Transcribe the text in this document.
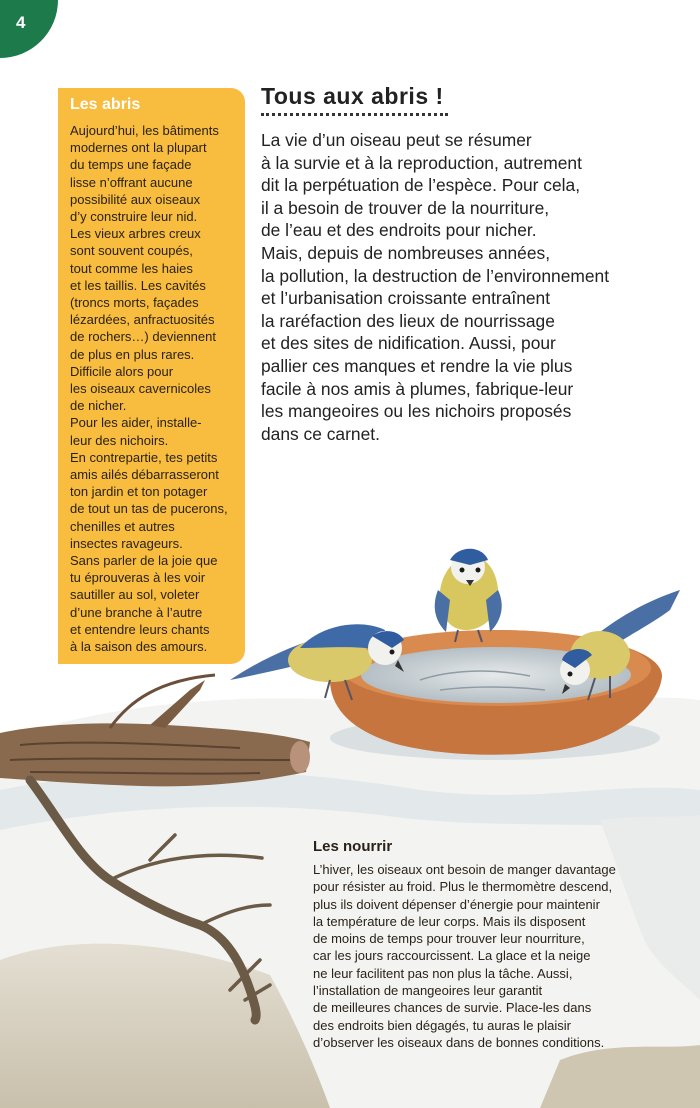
4
Les abris
Aujourd’hui, les bâtiments
modernes ont la plupart
du temps une façade
lisse n’offrant aucune
possibilité aux oiseaux
d’y construire leur nid.
Les vieux arbres creux
sont souvent coupés,
tout comme les haies
et les taillis. Les cavités
(troncs morts, façades
lézardées, anfractuosités
de rochers…) deviennent
de plus en plus rares.
Difficile alors pour
les oiseaux cavernicoles
de nicher.
Pour les aider, installe-
leur des nichoirs.
En contrepartie, tes petits
amis ailés débarrasseront
ton jardin et ton potager
de tout un tas de pucerons,
chenilles et autres
insectes ravageurs.
Sans parler de la joie que
tu éprouveras à les voir
sautiller au sol, voleter
d’une branche à l’autre
et entendre leurs chants
à la saison des amours.
Tous aux abris !
La vie d’un oiseau peut se résumer
à la survie et à la reproduction, autrement
dit la perpétuation de l’espèce. Pour cela,
il a besoin de trouver de la nourriture,
de l’eau et des endroits pour nicher.
Mais, depuis de nombreuses années,
la pollution, la destruction de l’environnement
et l’urbanisation croissante entraînent
la raréfaction des lieux de nourrissage
et des sites de nidification. Aussi, pour
pallier ces manques et rendre la vie plus
facile à nos amis à plumes, fabrique-leur
les mangeoires ou les nichoirs proposés
dans ce carnet.
Les nourrir
L’hiver, les oiseaux ont besoin de manger davantage
pour résister au froid. Plus le thermomètre descend,
plus ils doivent dépenser d’énergie pour maintenir
la température de leur corps. Mais ils disposent
de moins de temps pour trouver leur nourriture,
car les jours raccourcissent. La glace et la neige
ne leur facilitent pas non plus la tâche. Aussi,
l’installation de mangeoires leur garantit
de meilleures chances de survie. Place-les dans
des endroits bien dégagés, tu auras le plaisir
d’observer les oiseaux dans de bonnes conditions.
